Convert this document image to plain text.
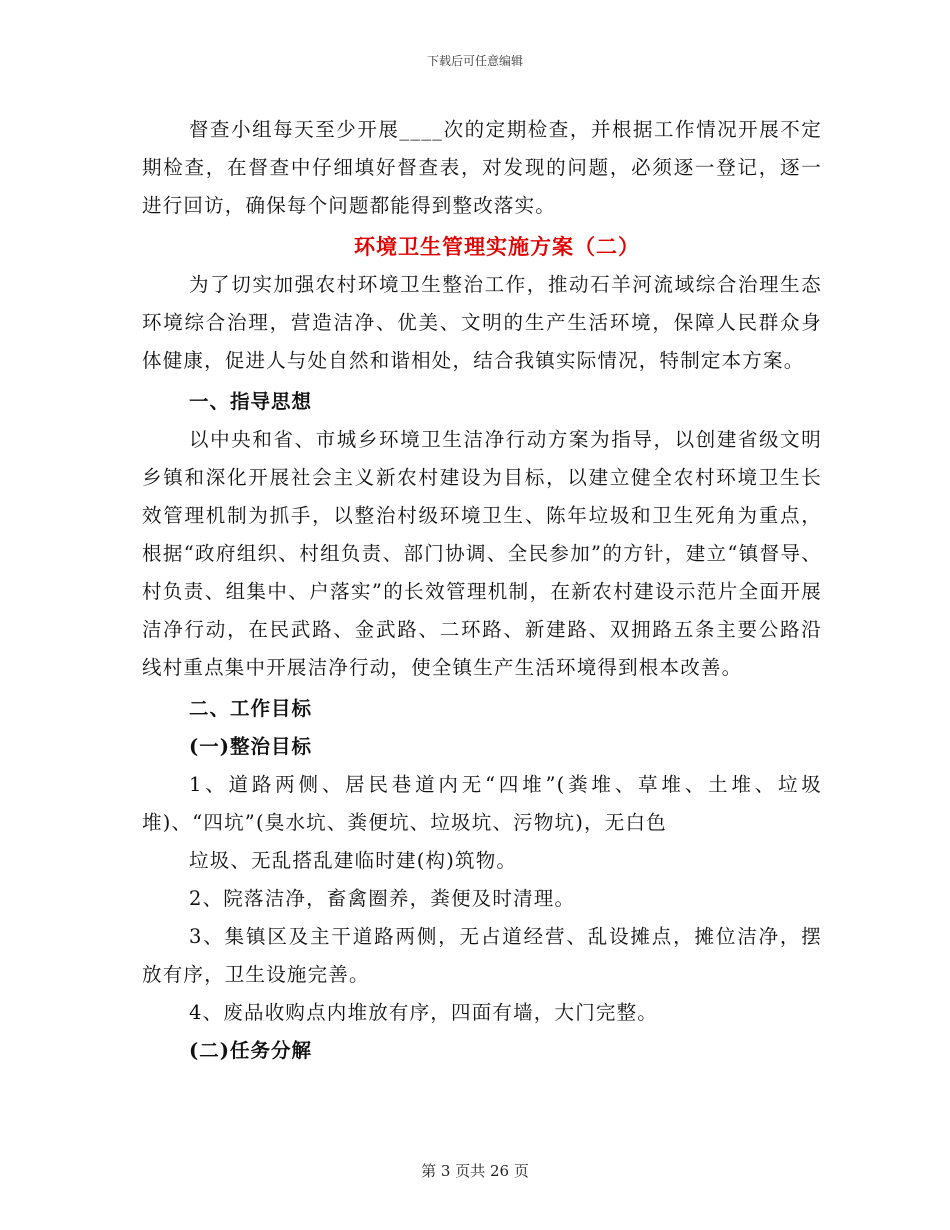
下载后可任意编辑

督查小组每天至少开展____次的定期检查，并根据工作情况开展不定期检查，在督查中仔细填好督查表，对发现的问题，必须逐一登记，逐一进行回访，确保每个问题都能得到整改落实。

环境卫生管理实施方案（二）

为了切实加强农村环境卫生整治工作，推动石羊河流域综合治理生态环境综合治理，营造洁净、优美、文明的生产生活环境，保障人民群众身体健康，促进人与处自然和谐相处，结合我镇实际情况，特制定本方案。

一、指导思想

以中央和省、市城乡环境卫生洁净行动方案为指导，以创建省级文明乡镇和深化开展社会主义新农村建设为目标，以建立健全农村环境卫生长效管理机制为抓手，以整治村级环境卫生、陈年垃圾和卫生死角为重点，根据“政府组织、村组负责、部门协调、全民参加”的方针，建立“镇督导、村负责、组集中、户落实”的长效管理机制，在新农村建设示范片全面开展洁净行动，在民武路、金武路、二环路、新建路、双拥路五条主要公路沿线村重点集中开展洁净行动，使全镇生产生活环境得到根本改善。

二、工作目标

(一)整治目标

1、道路两侧、居民巷道内无“四堆”(粪堆、草堆、土堆、垃圾堆)、“四坑”(臭水坑、粪便坑、垃圾坑、污物坑)，无白色

垃圾、无乱搭乱建临时建(构)筑物。

2、院落洁净，畜禽圈养，粪便及时清理。

3、集镇区及主干道路两侧，无占道经营、乱设摊点，摊位洁净，摆放有序，卫生设施完善。

4、废品收购点内堆放有序，四面有墙，大门完整。

(二)任务分解

第 3 页共 26 页
